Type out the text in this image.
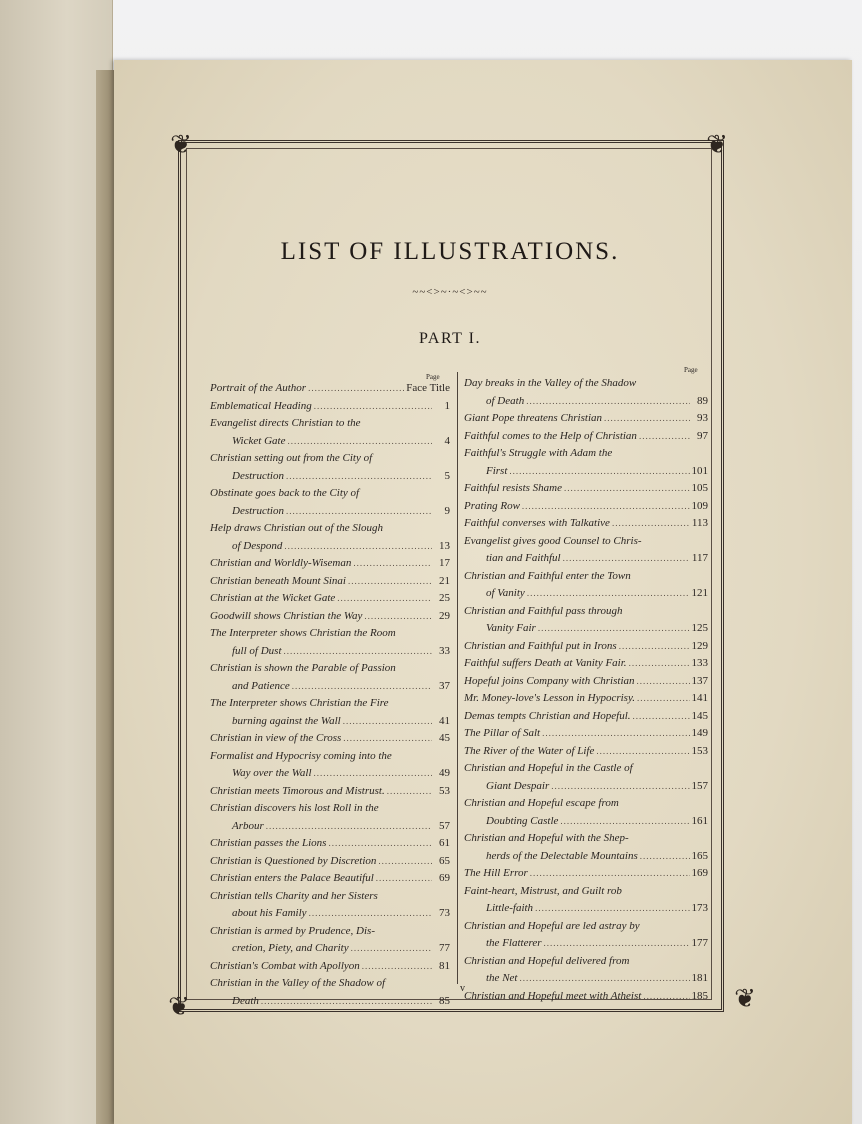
❦	❦
❦	❦
LIST OF ILLUSTRATIONS.
~~<>~·~<>~~
PART I.
Page
Page
Portrait of the Author .....	Face Title
Emblematical Heading .....	1
Evangelist directs Christian to the
Wicket Gate .....	4
Christian setting out from the City of
Destruction .....	5
Obstinate goes back to the City of
Destruction .....	9
Help draws Christian out of the Slough
of Despond .....	13
Christian and Worldly-Wiseman .....	17
Christian beneath Mount Sinai .....	21
Christian at the Wicket Gate .....	25
Goodwill shows Christian the Way .....	29
The Interpreter shows Christian the Room
full of Dust .....	33
Christian is shown the Parable of Passion
and Patience .....	37
The Interpreter shows Christian the Fire
burning against the Wall .....	41
Christian in view of the Cross .....	45
Formalist and Hypocrisy coming into the
Way over the Wall .....	49
Christian meets Timorous and Mistrust. .....	53
Christian discovers his lost Roll in the
Arbour .....	57
Christian passes the Lions .....	61
Christian is Questioned by Discretion .....	65
Christian enters the Palace Beautiful .....	69
Christian tells Charity and her Sisters
about his Family .....	73
Christian is armed by Prudence, Dis-
cretion, Piety, and Charity .....	77
Christian's Combat with Apollyon .....	81
Christian in the Valley of the Shadow of
Death .....	85
Day breaks in the Valley of the Shadow
of Death .....	89
Giant Pope threatens Christian .....	93
Faithful comes to the Help of Christian .....	97
Faithful's Struggle with Adam the
First .....	101
Faithful resists Shame .....	105
Prating Row .....	109
Faithful converses with Talkative .....	113
Evangelist gives good Counsel to Chris-
tian and Faithful .....	117
Christian and Faithful enter the Town
of Vanity .....	121
Christian and Faithful pass through
Vanity Fair .....	125
Christian and Faithful put in Irons .....	129
Faithful suffers Death at Vanity Fair. .....	133
Hopeful joins Company with Christian .....	137
Mr. Money-love's Lesson in Hypocrisy. .....	141
Demas tempts Christian and Hopeful. .....	145
The Pillar of Salt .....	149
The River of the Water of Life .....	153
Christian and Hopeful in the Castle of
Giant Despair .....	157
Christian and Hopeful escape from
Doubting Castle .....	161
Christian and Hopeful with the Shep-
herds of the Delectable Mountains .....	165
The Hill Error .....	169
Faint-heart, Mistrust, and Guilt rob
Little-faith .....	173
Christian and Hopeful are led astray by
the Flatterer .....	177
Christian and Hopeful delivered from
the Net .....	181
Christian and Hopeful meet with Atheist .....	185
v
